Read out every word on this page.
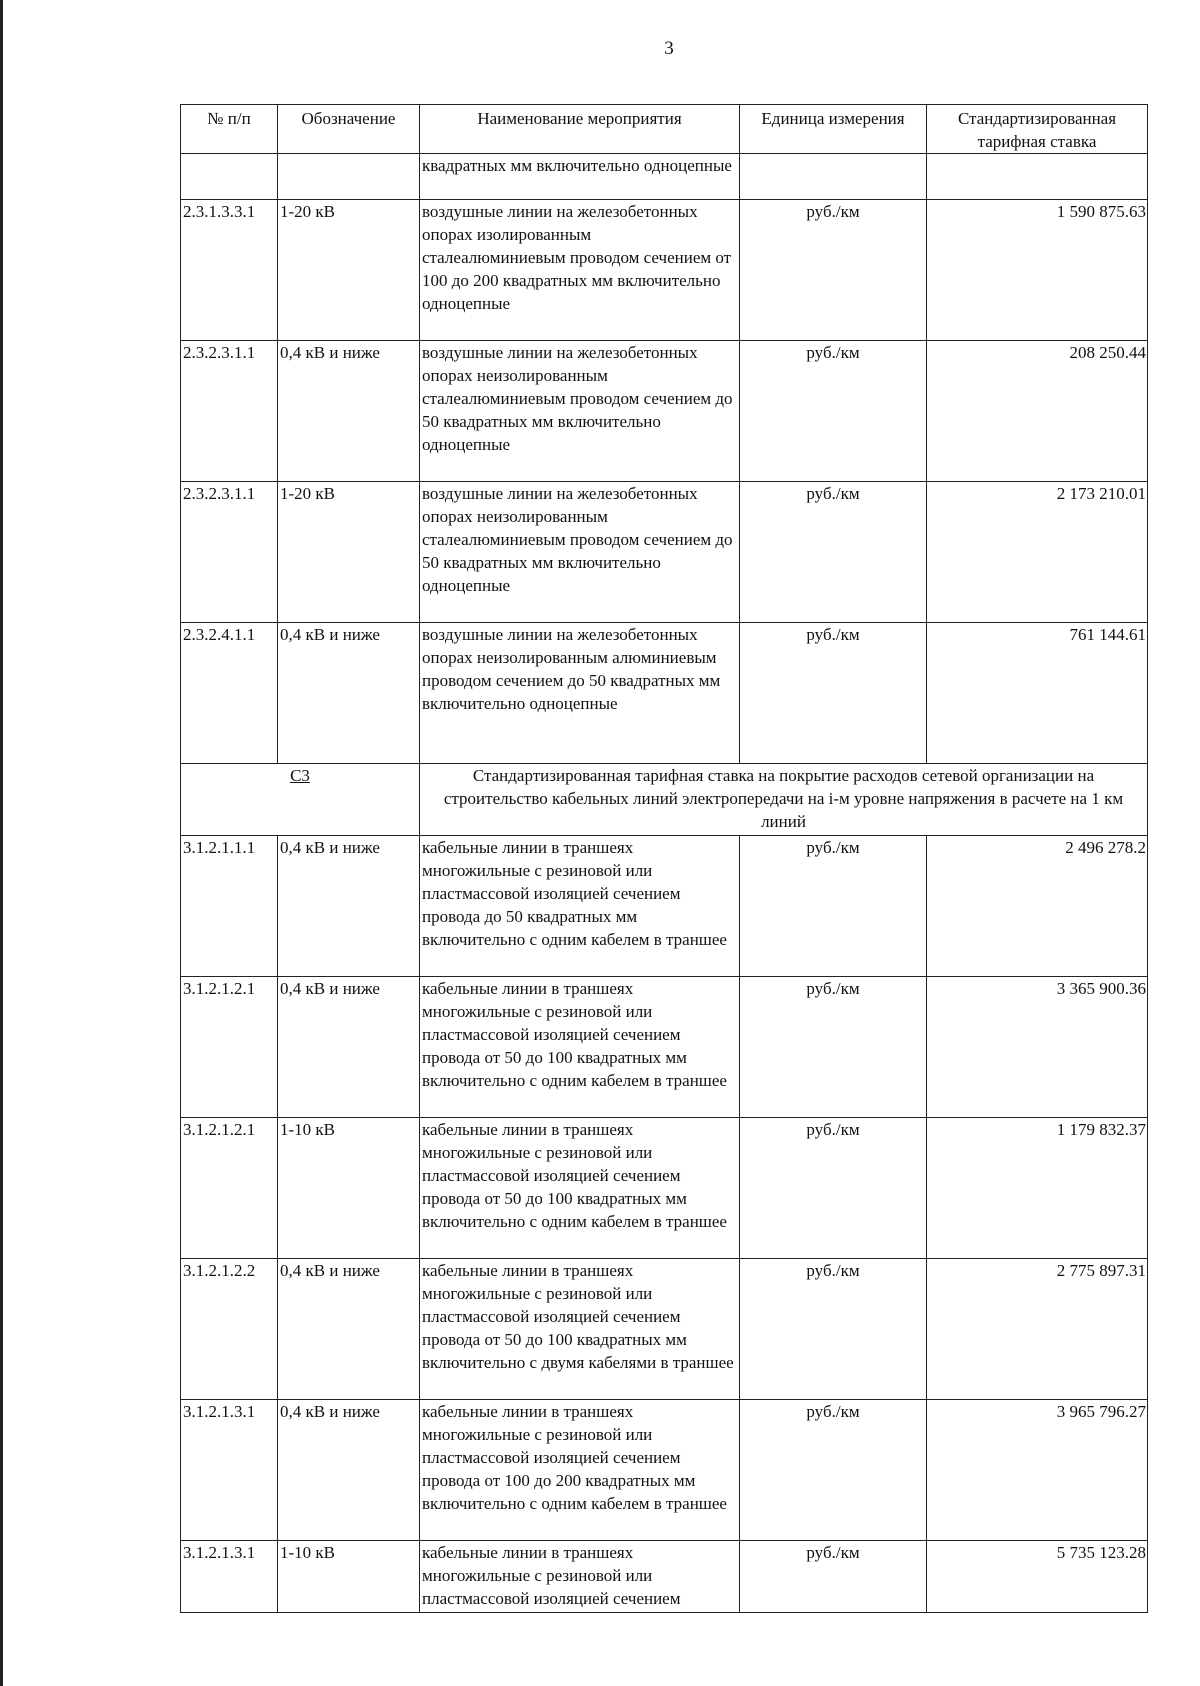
3
№ п/п	Обозначение	Наименование мероприятия	Единица измерения	Стандартизированная тарифная ставка
		квадратных мм включительно одноцепные		
2.3.1.3.3.1	1-20 кВ	воздушные линии на железобетонных опорах изолированным сталеалюминиевым проводом сечением от 100 до 200 квадратных мм включительно одноцепные	руб./км	1 590 875.63
2.3.2.3.1.1	0,4 кВ и ниже	воздушные линии на железобетонных опорах неизолированным сталеалюминиевым проводом сечением до 50 квадратных мм включительно одноцепные	руб./км	208 250.44
2.3.2.3.1.1	1-20 кВ	воздушные линии на железобетонных опорах неизолированным сталеалюминиевым проводом сечением до 50 квадратных мм включительно одноцепные	руб./км	2 173 210.01
2.3.2.4.1.1	0,4 кВ и ниже	воздушные линии на железобетонных опорах неизолированным алюминиевым проводом сечением до 50 квадратных мм включительно одноцепные	руб./км	761 144.61
С3		Стандартизированная тарифная ставка на покрытие расходов сетевой организации на строительство кабельных линий электропередачи на i-м уровне напряжения в расчете на 1 км линий		
3.1.2.1.1.1	0,4 кВ и ниже	кабельные линии в траншеях многожильные с резиновой или пластмассовой изоляцией сечением провода до 50 квадратных мм включительно с одним кабелем в траншее	руб./км	2 496 278.2
3.1.2.1.2.1	0,4 кВ и ниже	кабельные линии в траншеях многожильные с резиновой или пластмассовой изоляцией сечением провода от 50 до 100 квадратных мм включительно с одним кабелем в траншее	руб./км	3 365 900.36
3.1.2.1.2.1	1-10 кВ	кабельные линии в траншеях многожильные с резиновой или пластмассовой изоляцией сечением провода от 50 до 100 квадратных мм включительно с одним кабелем в траншее	руб./км	1 179 832.37
3.1.2.1.2.2	0,4 кВ и ниже	кабельные линии в траншеях многожильные с резиновой или пластмассовой изоляцией сечением провода от 50 до 100 квадратных мм включительно с двумя кабелями в траншее	руб./км	2 775 897.31
3.1.2.1.3.1	0,4 кВ и ниже	кабельные линии в траншеях многожильные с резиновой или пластмассовой изоляцией сечением провода от 100 до 200 квадратных мм включительно с одним кабелем в траншее	руб./км	3 965 796.27
3.1.2.1.3.1	1-10 кВ	кабельные линии в траншеях многожильные с резиновой или пластмассовой изоляцией сечением	руб./км	5 735 123.28
